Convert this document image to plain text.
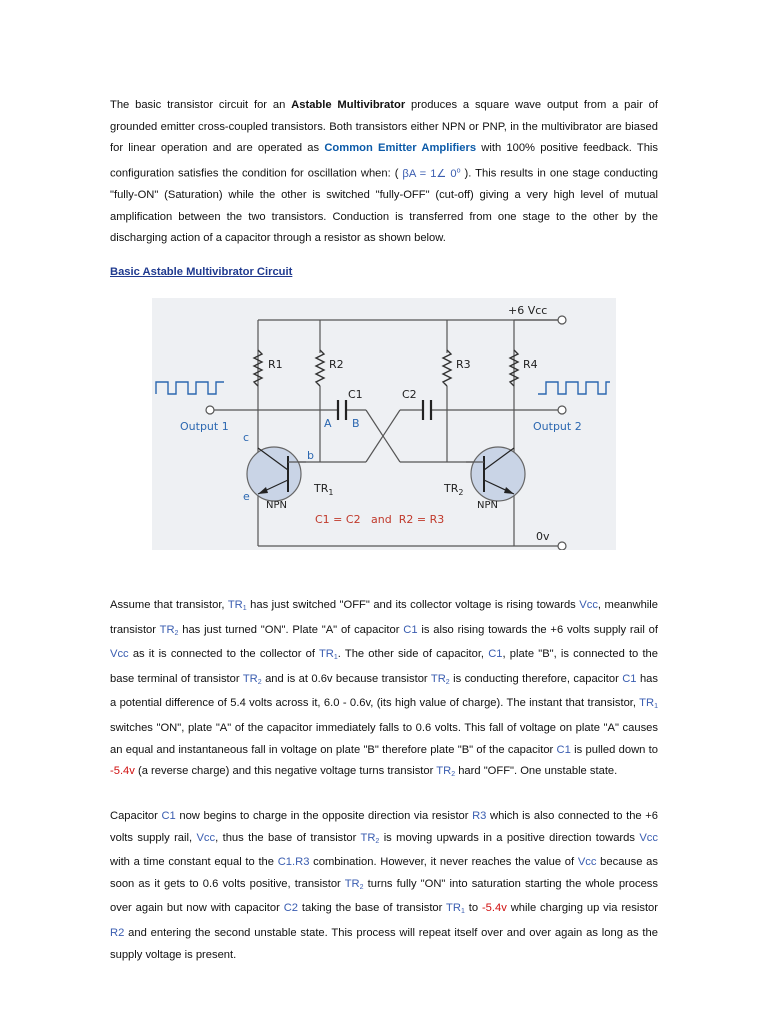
The basic transistor circuit for an Astable Multivibrator produces a square wave output from a pair of grounded emitter cross-coupled transistors. Both transistors either NPN or PNP, in the multivibrator are biased for linear operation and are operated as Common Emitter Amplifiers with 100% positive feedback. This configuration satisfies the condition for oscillation when: ( βA = 1∠ 0$^o$ ). This results in one stage conducting "fully-ON" (Saturation) while the other is switched "fully-OFF" (cut-off) giving a very high level of mutual amplification between the two transistors. Conduction is transferred from one stage to the other by the discharging action of a capacitor through a resistor as shown below.

Basic Astable Multivibrator Circuit

+6 Vcc
0v
R1	R2	R3	R4
C1	C2
$TR_1$	$TR_2$
NPN	NPN
Output 1	Output 2
A B
c
b
e
C1 = C2   and  R2 = R3

Assume that transistor, $TR_1$ has just switched "OFF" and its collector voltage is rising towards Vcc, meanwhile transistor $TR_2$ has just turned "ON". Plate "A" of capacitor C1 is also rising towards the +6 volts supply rail of Vcc as it is connected to the collector of $TR_1$. The other side of capacitor, C1, plate "B", is connected to the base terminal of transistor $TR_2$ and is at 0.6v because transistor $TR_2$ is conducting therefore, capacitor C1 has a potential difference of 5.4 volts across it, 6.0 - 0.6v, (its high value of charge). The instant that transistor, $TR_1$ switches "ON", plate "A" of the capacitor immediately falls to 0.6 volts. This fall of voltage on plate "A" causes an equal and instantaneous fall in voltage on plate "B" therefore plate "B" of the capacitor C1 is pulled down to -5.4v (a reverse charge) and this negative voltage turns transistor $TR_2$ hard "OFF". One unstable state.

Capacitor C1 now begins to charge in the opposite direction via resistor R3 which is also connected to the +6 volts supply rail, Vcc, thus the base of transistor $TR_2$ is moving upwards in a positive direction towards Vcc with a time constant equal to the C1.R3 combination. However, it never reaches the value of Vcc because as soon as it gets to 0.6 volts positive, transistor $TR_2$ turns fully "ON" into saturation starting the whole process over again but now with capacitor C2 taking the base of transistor $TR_1$ to -5.4v while charging up via resistor R2 and entering the second unstable state. This process will repeat itself over and over again as long as the supply voltage is present.
